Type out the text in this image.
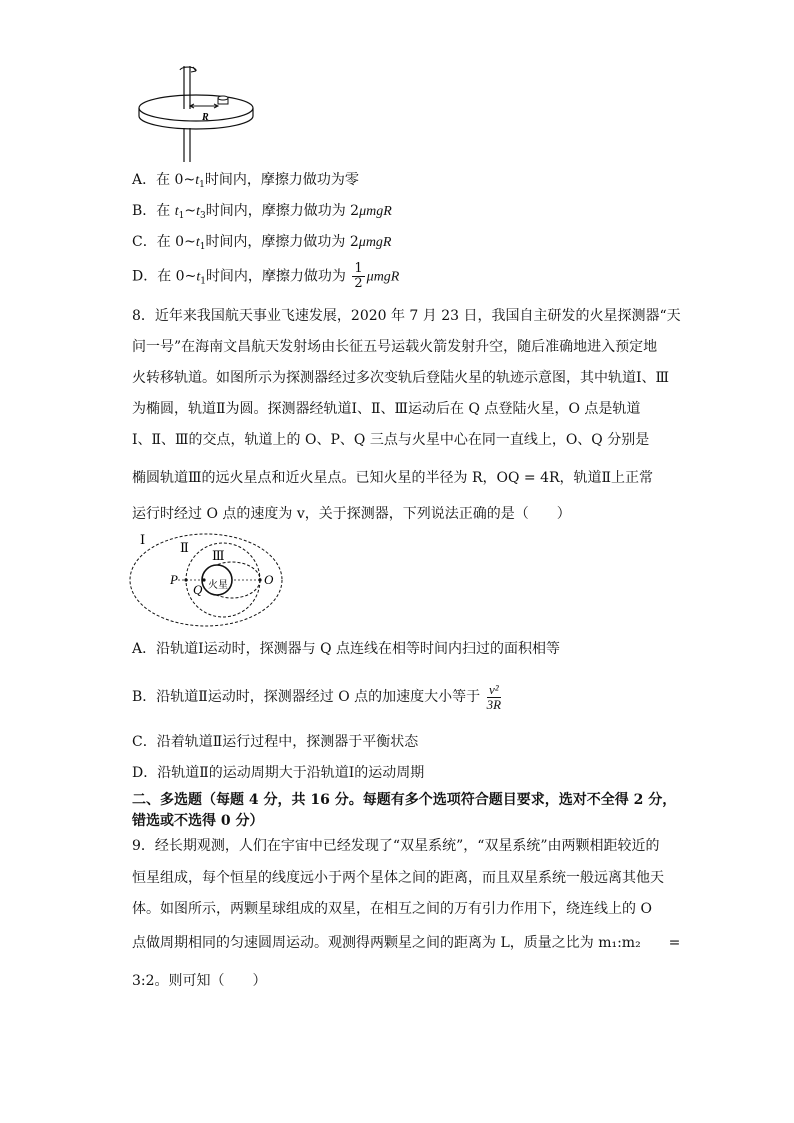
R
A．在 $0\sim t_1$时间内，摩擦力做功为零
B．在 $t_1\sim t_3$时间内，摩擦力做功为 2μmgR
C．在 $0\sim t_1$时间内，摩擦力做功为 2μmgR
D．在 $0\sim t_1$时间内，摩擦力做功为 $\frac{1}{2}$ μmgR
8．近年来我国航天事业飞速发展，2020 年 7 月 23 日，我国自主研发的火星探测器“天
问一号”在海南文昌航天发射场由长征五号运载火箭发射升空，随后准确地进入预定地
火转移轨道。如图所示为探测器经过多次变轨后登陆火星的轨迹示意图，其中轨道Ⅰ、Ⅲ
为椭圆，轨道Ⅱ为圆。探测器经轨道Ⅰ、Ⅱ、Ⅲ运动后在 Q 点登陆火星，O 点是轨道
Ⅰ、Ⅱ、Ⅲ的交点，轨道上的 O、P、Q 三点与火星中心在同一直线上，O、Q 分别是
椭圆轨道Ⅲ的远火星点和近火星点。已知火星的半径为 R，OQ = 4R，轨道Ⅱ上正常
运行时经过 O 点的速度为 v，关于探测器，下列说法正确的是（　　）
Ⅰ
Ⅱ
Ⅲ
P
Q
O
火星
A．沿轨道Ⅰ运动时，探测器与 Q 点连线在相等时间内扫过的面积相等
B．沿轨道Ⅱ运动时，探测器经过 O 点的加速度大小等于 $\frac{\text{v²}}{3R}$
C．沿着轨道Ⅱ运行过程中，探测器于平衡状态
D．沿轨道Ⅱ的运动周期大于沿轨道Ⅰ的运动周期
二、多选题（每题 4 分，共 16 分。每题有多个选项符合题目要求，选对不全得 2 分，
错选或不选得 0 分）
9．经长期观测，人们在宇宙中已经发现了“双星系统”，“双星系统”由两颗相距较近的
恒星组成，每个恒星的线度远小于两个星体之间的距离，而且双星系统一般远离其他天
体。如图所示，两颗星球组成的双星，在相互之间的万有引力作用下，绕连线上的 O
点做周期相同的匀速圆周运动。观测得两颗星之间的距离为 L，质量之比为 m₁:m₂　　=
3:2。则可知（　　）
